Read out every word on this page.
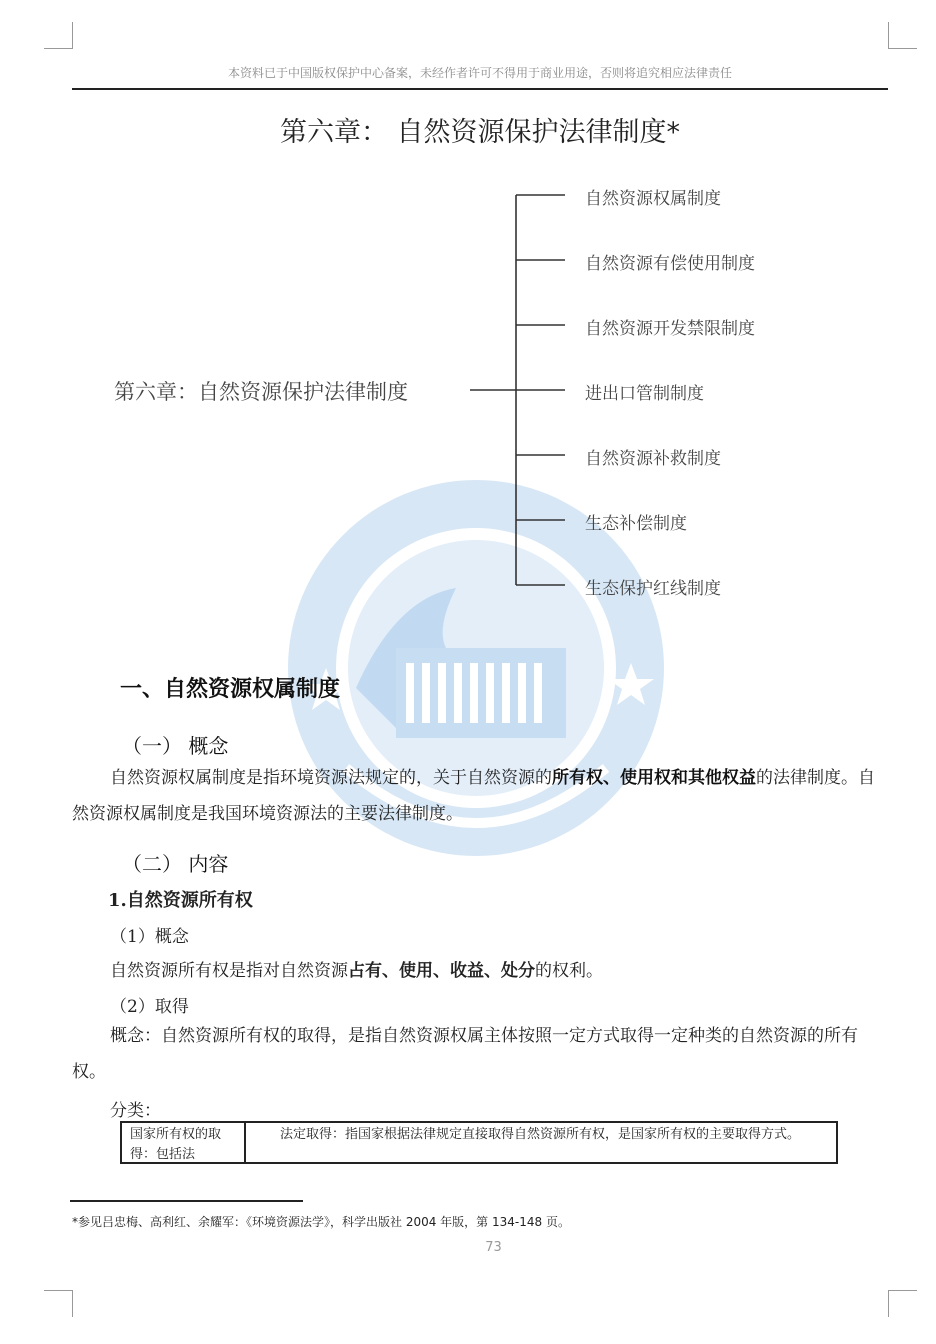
本资料已于中国版权保护中心备案，未经作者许可不得用于商业用途，否则将追究相应法律责任
第六章： 自然资源保护法律制度*
第六章：自然资源保护法律制度
自然资源权属制度
自然资源有偿使用制度
自然资源开发禁限制度
进出口管制制度
自然资源补救制度
生态补偿制度
生态保护红线制度
一、自然资源权属制度
（一） 概念
自然资源权属制度是指环境资源法规定的，关于自然资源的所有权、使用权和其他权益的法律制度。自然资源权属制度是我国环境资源法的主要法律制度。
（二） 内容
1.自然资源所有权
（1）概念
自然资源所有权是指对自然资源占有、使用、收益、处分的权利。
（2）取得
概念：自然资源所有权的取得，是指自然资源权属主体按照一定方式取得一定种类的自然资源的所有权。
分类：
国家所有权的取得：包括法
法定取得：指国家根据法律规定直接取得自然资源所有权，是国家所有权的主要取得方式。
*参见吕忠梅、高利红、余耀军：《环境资源法学》，科学出版社 2004 年版，第 134-148 页。
73
